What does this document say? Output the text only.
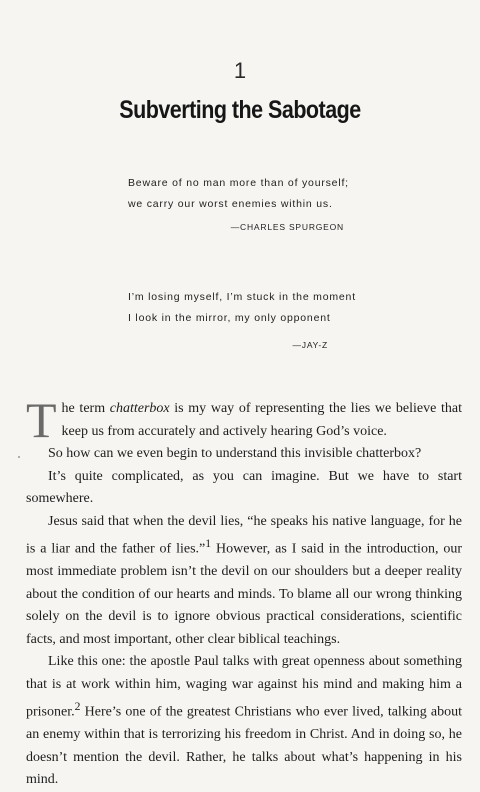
1
Subverting the Sabotage
Beware of no man more than of yourself;
we carry our worst enemies within us.
—CHARLES SPURGEON
I’m losing myself, I’m stuck in the moment
I look in the mirror, my only opponent
—JAY-Z

The term chatterbox is my way of representing the lies we believe that keep us from accurately and actively hearing God’s voice.

So how can we even begin to understand this invisible chatterbox?

It’s quite complicated, as you can imagine. But we have to start somewhere.

Jesus said that when the devil lies, “he speaks his native language, for he is a liar and the father of lies.”$^1$ However, as I said in the introduction, our most immediate problem isn’t the devil on our shoulders but a deeper reality about the condition of our hearts and minds. To blame all our wrong thinking solely on the devil is to ignore obvious practical considerations, scientific facts, and most important, other clear biblical teachings.

Like this one: the apostle Paul talks with great openness about something that is at work within him, waging war against his mind and making him a prisoner.$^2$ Here’s one of the greatest Christians who ever lived, talking about an enemy within that is terrorizing his freedom in Christ. And in doing so, he doesn’t mention the devil. Rather, he talks about what’s happening in his mind.
